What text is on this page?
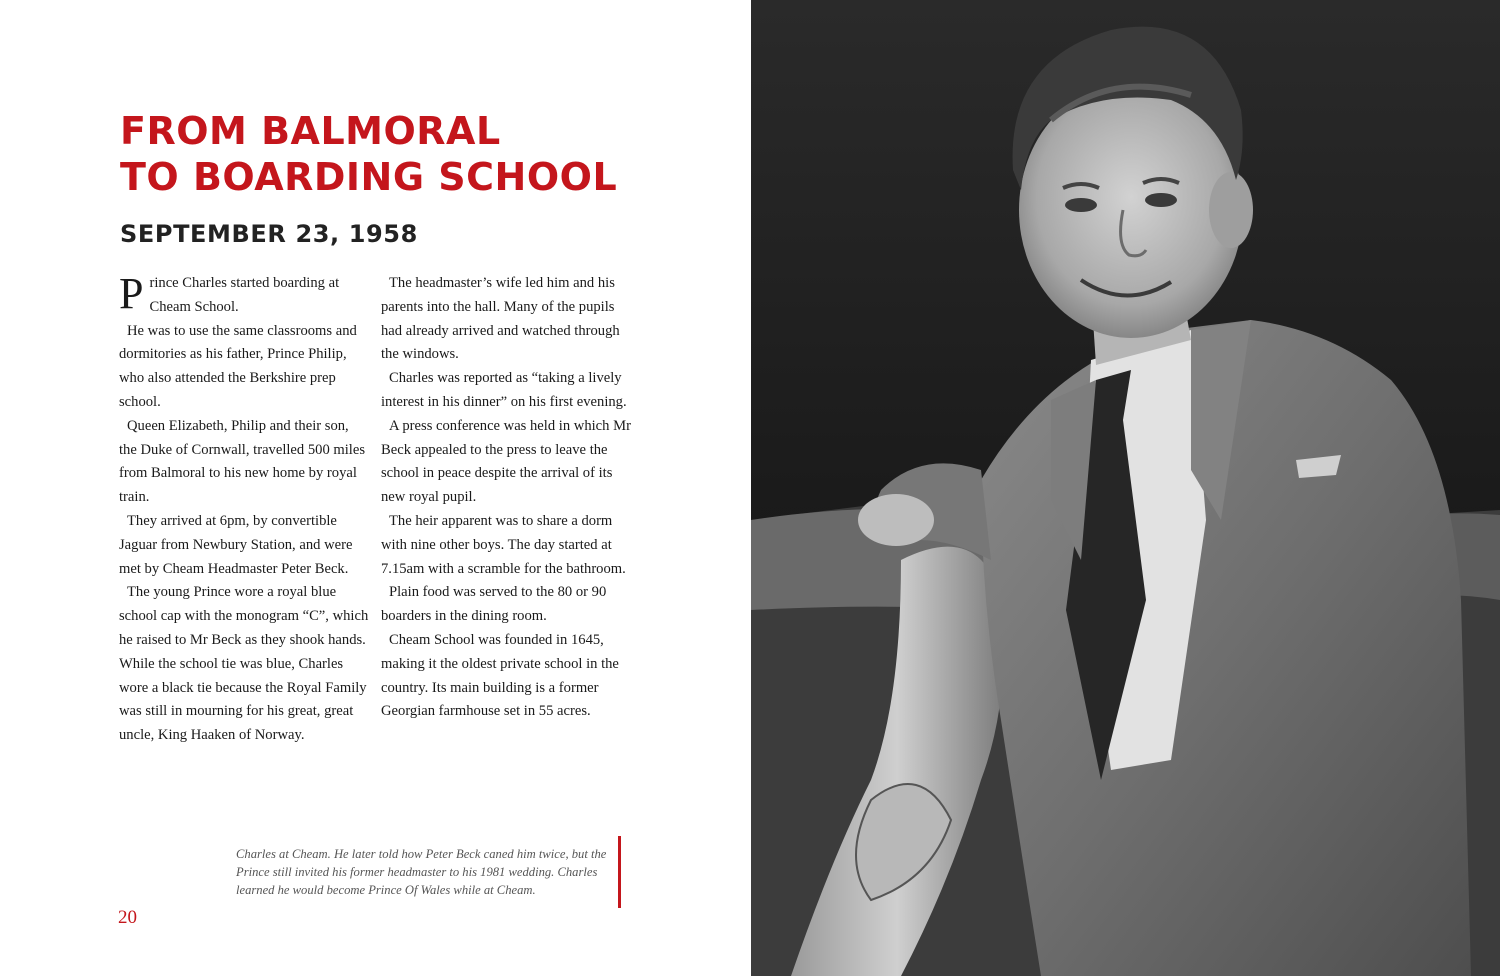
FROM BALMORAL
TO BOARDING SCHOOL
SEPTEMBER 23, 1958

Prince Charles started boarding at Cheam School.

He was to use the same classrooms and dormitories as his father, Prince Philip, who also attended the Berkshire prep school.

Queen Elizabeth, Philip and their son, the Duke of Cornwall, travelled 500 miles from Balmoral to his new home by royal train.

They arrived at 6pm, by convertible Jaguar from Newbury Station, and were met by Cheam Headmaster Peter Beck.

The young Prince wore a royal blue school cap with the monogram “C”, which he raised to Mr Beck as they shook hands. While the school tie was blue, Charles wore a black tie because the Royal Family was still in mourning for his great, great uncle, King Haaken of Norway.

The headmaster’s wife led him and his parents into the hall. Many of the pupils had already arrived and watched through the windows.

Charles was reported as “taking a lively interest in his dinner” on his first evening.

A press conference was held in which Mr Beck appealed to the press to leave the school in peace despite the arrival of its new royal pupil.

The heir apparent was to share a dorm with nine other boys. The day started at 7.15am with a scramble for the bathroom.

Plain food was served to the 80 or 90 boarders in the dining room.

Cheam School was founded in 1645, making it the oldest private school in the country. Its main building is a former Georgian farmhouse set in 55 acres.

Charles at Cheam. He later told how Peter Beck caned him twice, but the Prince still invited his former headmaster to his 1981 wedding. Charles learned he would become Prince Of Wales while at Cheam.

20
